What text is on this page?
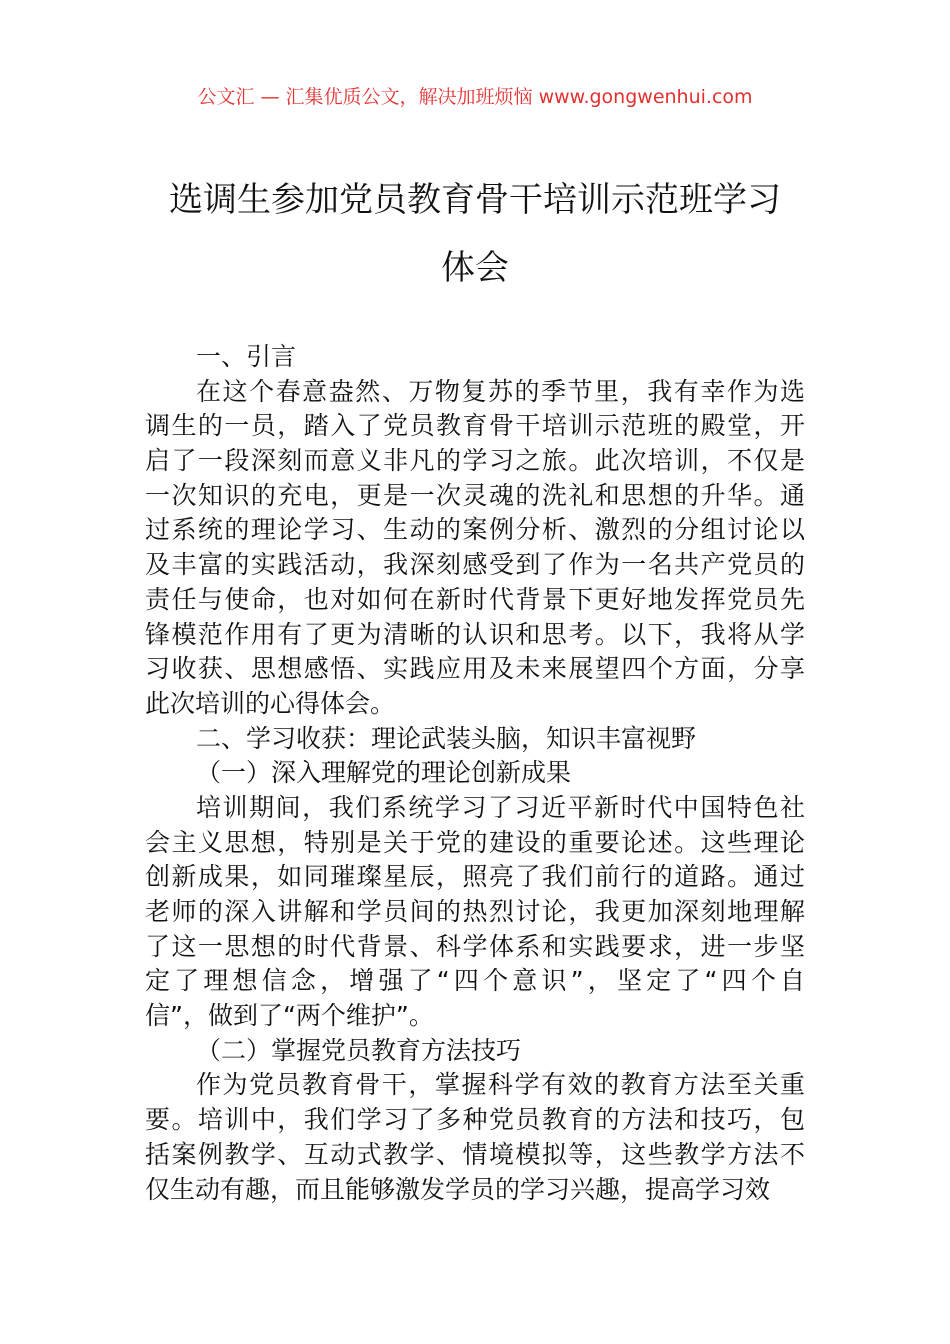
公文汇 — 汇集优质公文，解决加班烦恼 www.gongwenhui.com
选调生参加党员教育骨干培训示范班学习
体会
一、引言
在这个春意盎然、万物复苏的季节里，我有幸作为选
调生的一员，踏入了党员教育骨干培训示范班的殿堂，开
启了一段深刻而意义非凡的学习之旅。此次培训，不仅是
一次知识的充电，更是一次灵魂的洗礼和思想的升华。通
过系统的理论学习、生动的案例分析、激烈的分组讨论以
及丰富的实践活动，我深刻感受到了作为一名共产党员的
责任与使命，也对如何在新时代背景下更好地发挥党员先
锋模范作用有了更为清晰的认识和思考。以下，我将从学
习收获、思想感悟、实践应用及未来展望四个方面，分享
此次培训的心得体会。
二、学习收获：理论武装头脑，知识丰富视野
（一）深入理解党的理论创新成果
培训期间，我们系统学习了习近平新时代中国特色社
会主义思想，特别是关于党的建设的重要论述。这些理论
创新成果，如同璀璨星辰，照亮了我们前行的道路。通过
老师的深入讲解和学员间的热烈讨论，我更加深刻地理解
了这一思想的时代背景、科学体系和实践要求，进一步坚
定了理想信念，增强了“四个意识”，坚定了“四个自
信”，做到了“两个维护”。
（二）掌握党员教育方法技巧
作为党员教育骨干，掌握科学有效的教育方法至关重
要。培训中，我们学习了多种党员教育的方法和技巧，包
括案例教学、互动式教学、情境模拟等，这些教学方法不
仅生动有趣，而且能够激发学员的学习兴趣，提高学习效
